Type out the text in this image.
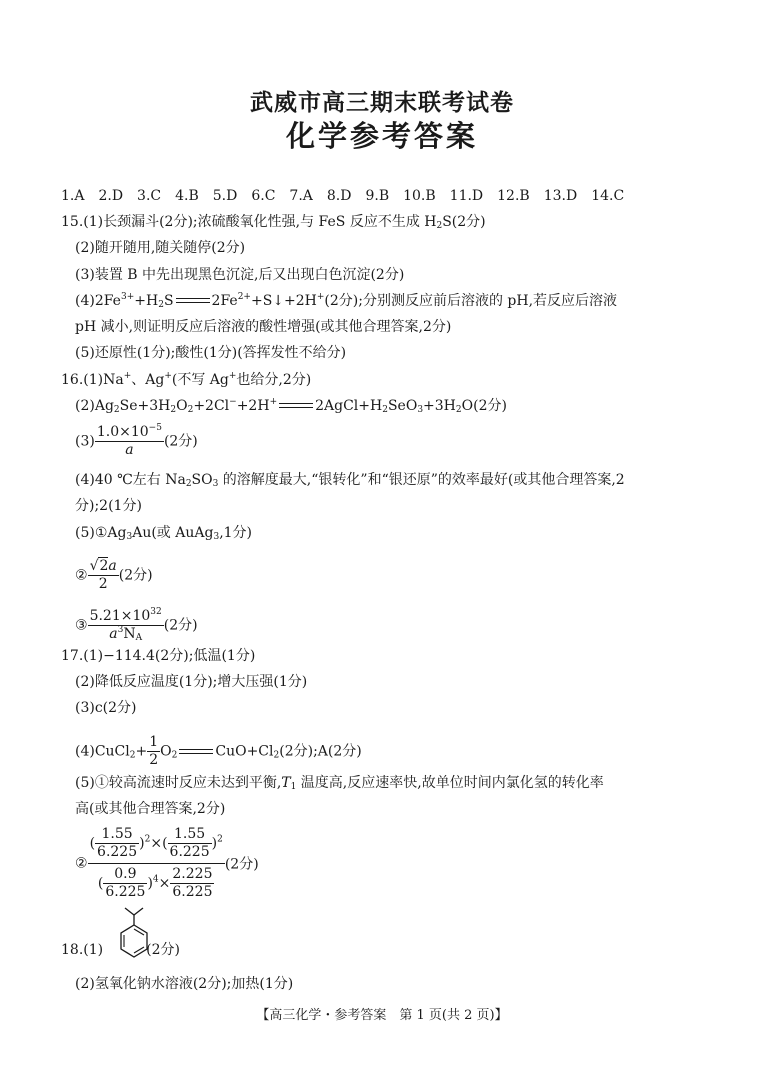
武威市高三期末联考试卷
化学参考答案
1.A　2.D　3.C　4.B　5.D　6.C　7.A　8.D　9.B　10.B　11.D　12.B　13.D　14.C
15.(1)长颈漏斗(2分);浓硫酸氧化性强,与 FeS 反应不生成 $H_2S(2$分)
(2)随开随用,随关随停(2分)
(3)装置 B 中先出现黑色沉淀,后又出现白色沉淀(2分)
$(4)2Fe^{3+}+H_2S$	$2Fe^{2+}+S↓+2H^+(2$分);分别测反应前后溶液的 pH,若反应后溶液
pH 减小,则证明反应后溶液的酸性增强(或其他合理答案,2分)
(5)还原性(1分);酸性(1分)(答挥发性不给分)
16.(1)Na+、Ag+(不写 Ag+也给分,2分)
$(2)Ag_2Se+3H_2O_2+2Cl^-+2H^+$	$2AgCl+H_2SeO_3+3H_2O(2$分)
$(3) \frac{1.0\times 10^{-5}}{a} (2$分)
(4)40 ℃左右 $Na_2SO_3$ 的溶解度最大,“银转化”和“银还原”的效率最好(或其他合理答案,2
分);2(1分)
$(5)①Ag_3Au$(或 AuAg$_3$,1分)
② $\frac{√2a}{2} (2$分)
③ $\frac{5.21\times 10^{32}}{a^3N_A} (2$分)
17.(1)−114.4(2分);低温(1分)
(2)降低反应温度(1分);增大压强(1分)
(3)c(2分)
(4)CuCl$_2$+ $\frac{1}{2} O_2$	$CuO+Cl_2(2$分);A(2分)
(5)①较高流速时反应未达到平衡$,T_1$ 温度高,反应速率快,故单位时间内氯化氢的转化率
高(或其他合理答案,2分)
② $\frac{( \frac{1.55}{6.225} )^2\times( \frac{1.55}{6.225} )^2}{( \frac{0.9}{6.225} )^4\times \frac{2.225}{6.225}} (2$分)
18.(1)	(2分)
(2)氢氧化钠水溶液(2分);加热(1分)
【高三化学・参考答案　第 1 页(共 2 页)】
